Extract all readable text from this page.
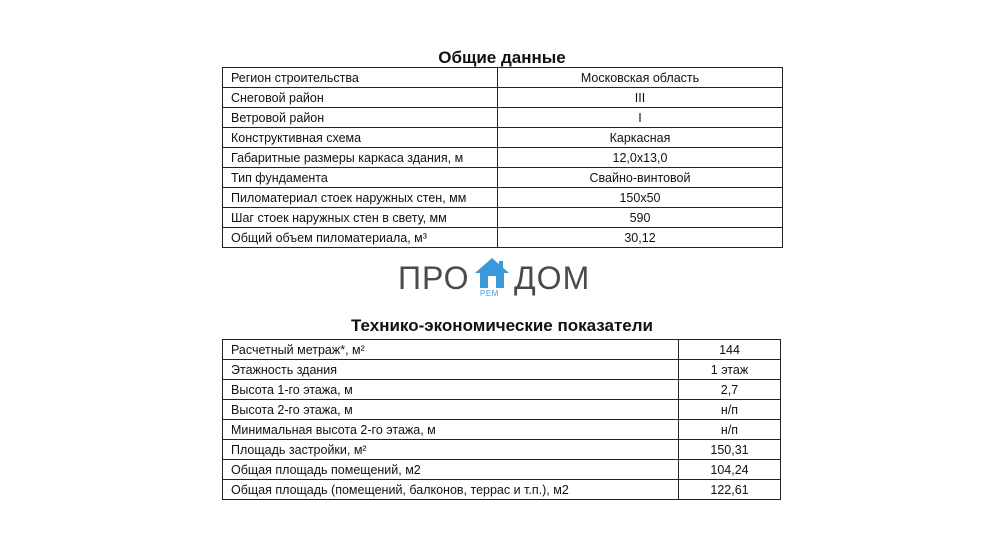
Общие данные
Регион строительства	Московская область
Снеговой район	III
Ветровой район	I
Конструктивная схема	Каркасная
Габаритные размеры каркаса здания, м	12,0х13,0
Тип фундамента	Свайно-винтовой
Пиломатериал стоек наружных стен, мм	150х50
Шаг стоек наружных стен в свету, мм	590
Общий объем пиломатериала, м³	30,12
ПРО РЕМ ДОМ
Технико-экономические показатели
Расчетный метраж*, м²	144
Этажность здания	1 этаж
Высота 1-го этажа, м	2,7
Высота 2-го этажа, м	н/п
Минимальная высота 2-го этажа, м	н/п
Площадь застройки, м²	150,31
Общая площадь помещений, м2	104,24
Общая площадь (помещений, балконов, террас и т.п.), м2	122,61
